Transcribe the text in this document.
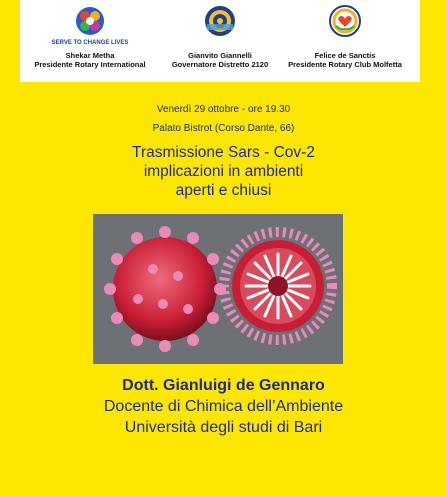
SERVE TO CHANGE LIVES
Shekar Metha
Presidente Rotary International
Gianvito Giannelli
Governatore Distretto 2120
Felice de Sanctis
Presidente Rotary Club Molfetta
Venerdì 29 ottobre - ore 19.30
Palato Bistrot (Corso Dante, 66)
Trasmissione Sars - Cov-2
implicazioni in ambienti
aperti e chiusi
Dott. Gianluigi de Gennaro
Docente di Chimica dell’Ambiente
Università degli studi di Bari
